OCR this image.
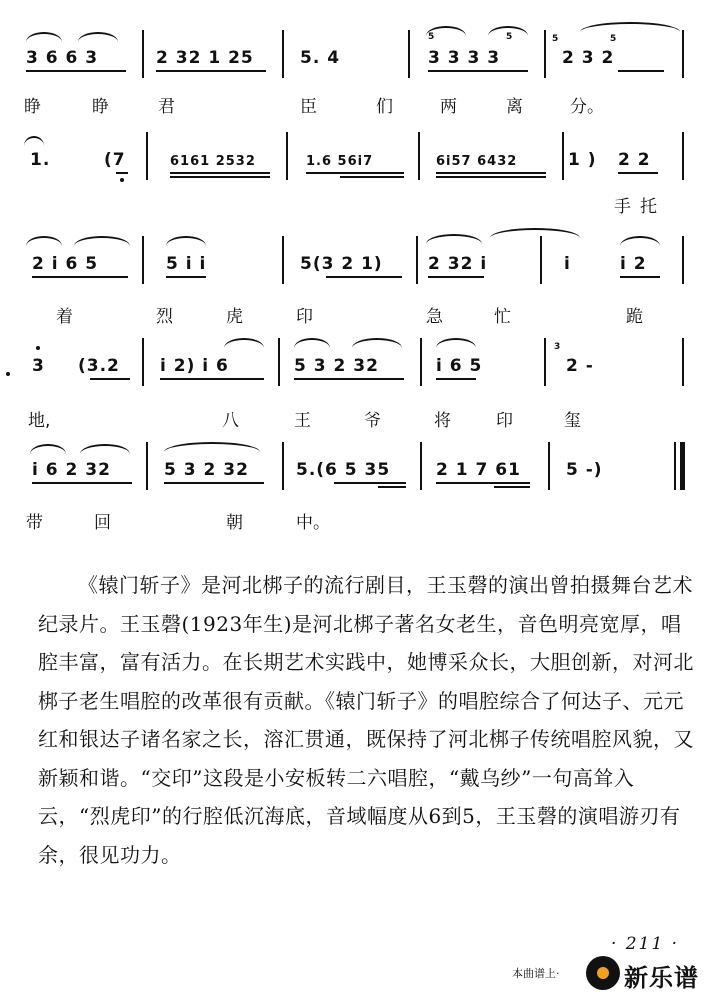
3 6 6 3	2 32 1 25	5. 4
5	5
3 3 3 3
5	5
2 3 2
睁	睁	君	臣	们	两	离	分。
1.	(7	6161 2532	1.6 56i7	6i57 6432	1 ) 2 2
手 托
2 i 6 5	5 i i	5(3 2 1)	2 32 i	i	i 2
着	烈	虎	印	急	忙	跪
3 (3.2 i 2) i 6	5 3 2 32	i 6 5
3
2 -
地,	八	王	爷	将	印	玺
i 6 2 32	5 3 2 32	5.(6 5 35	2 1 7 61	5 -)
带	回	朝	中。
《辕门斩子》是河北梆子的流行剧目，王玉磬的演出曾拍摄舞台艺术纪录片。王玉磬(1923年生)是河北梆子著名女老生，音色明亮宽厚，唱腔丰富，富有活力。在长期艺术实践中，她博采众长，大胆创新，对河北梆子老生唱腔的改革很有贡献。《辕门斩子》的唱腔综合了何达子、元元红和银达子诸名家之长，溶汇贯通，既保持了河北梆子传统唱腔风貌，又新颖和谐。“交印”这段是小安板转二六唱腔，“戴乌纱”一句高耸入云，“烈虎印”的行腔低沉海底，音域幅度从6到5，王玉磬的演唱游刃有余，很见功力。
· 211 ·
本曲谱上·	新乐谱
